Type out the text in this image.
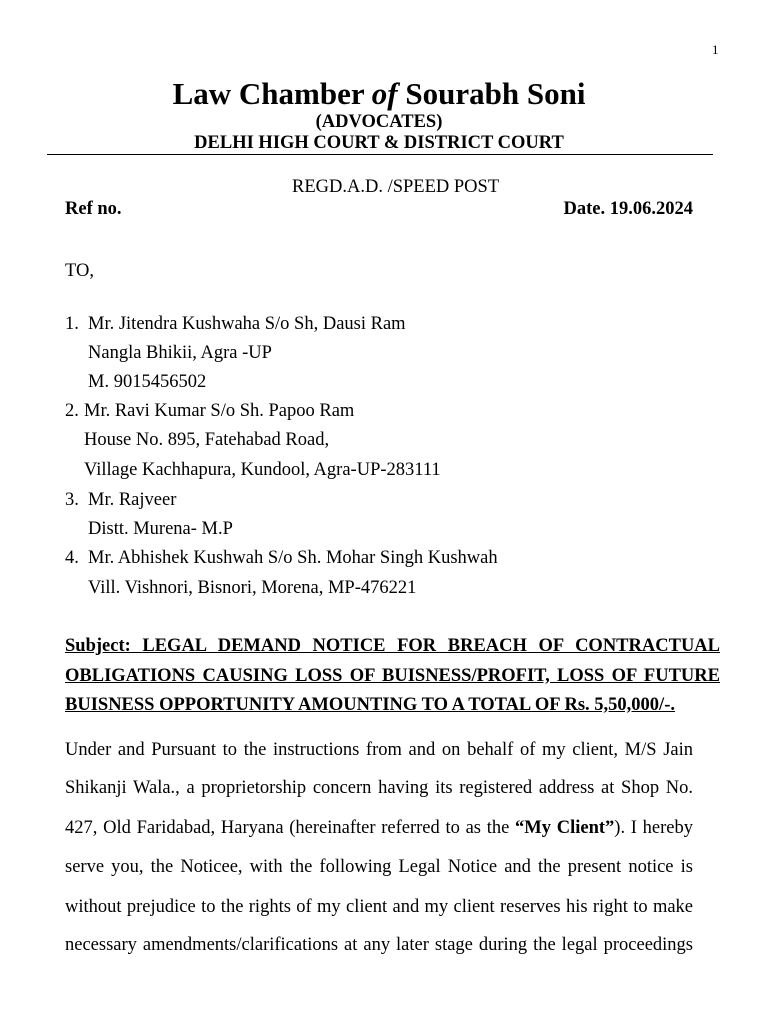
1
Law Chamber of Sourabh Soni
(ADVOCATES)
DELHI HIGH COURT & DISTRICT COURT
REGD.A.D. /SPEED POST
Ref no.	Date. 19.06.2024
TO,
1. Mr. Jitendra Kushwaha S/o Sh, Dausi Ram
Nangla Bhikii, Agra -UP
M. 9015456502
2. Mr. Ravi Kumar S/o Sh. Papoo Ram
House No. 895, Fatehabad Road,
Village Kachhapura, Kundool, Agra-UP-283111
3. Mr. Rajveer
Distt. Murena- M.P
4. Mr. Abhishek Kushwah S/o Sh. Mohar Singh Kushwah
Vill. Vishnori, Bisnori, Morena, MP-476221
Subject: LEGAL DEMAND NOTICE FOR BREACH OF CONTRACTUAL
OBLIGATIONS CAUSING LOSS OF BUISNESS/PROFIT, LOSS OF FUTURE
BUISNESS OPPORTUNITY AMOUNTING TO A TOTAL OF Rs. 5,50,000/-.
Under and Pursuant to the instructions from and on behalf of my client, M/S Jain
Shikanji Wala., a proprietorship concern having its registered address at Shop No.
427, Old Faridabad, Haryana (hereinafter referred to as the “My Client”). I hereby
serve you, the Noticee, with the following Legal Notice and the present notice is
without prejudice to the rights of my client and my client reserves his right to make
necessary amendments/clarifications at any later stage during the legal proceedings
